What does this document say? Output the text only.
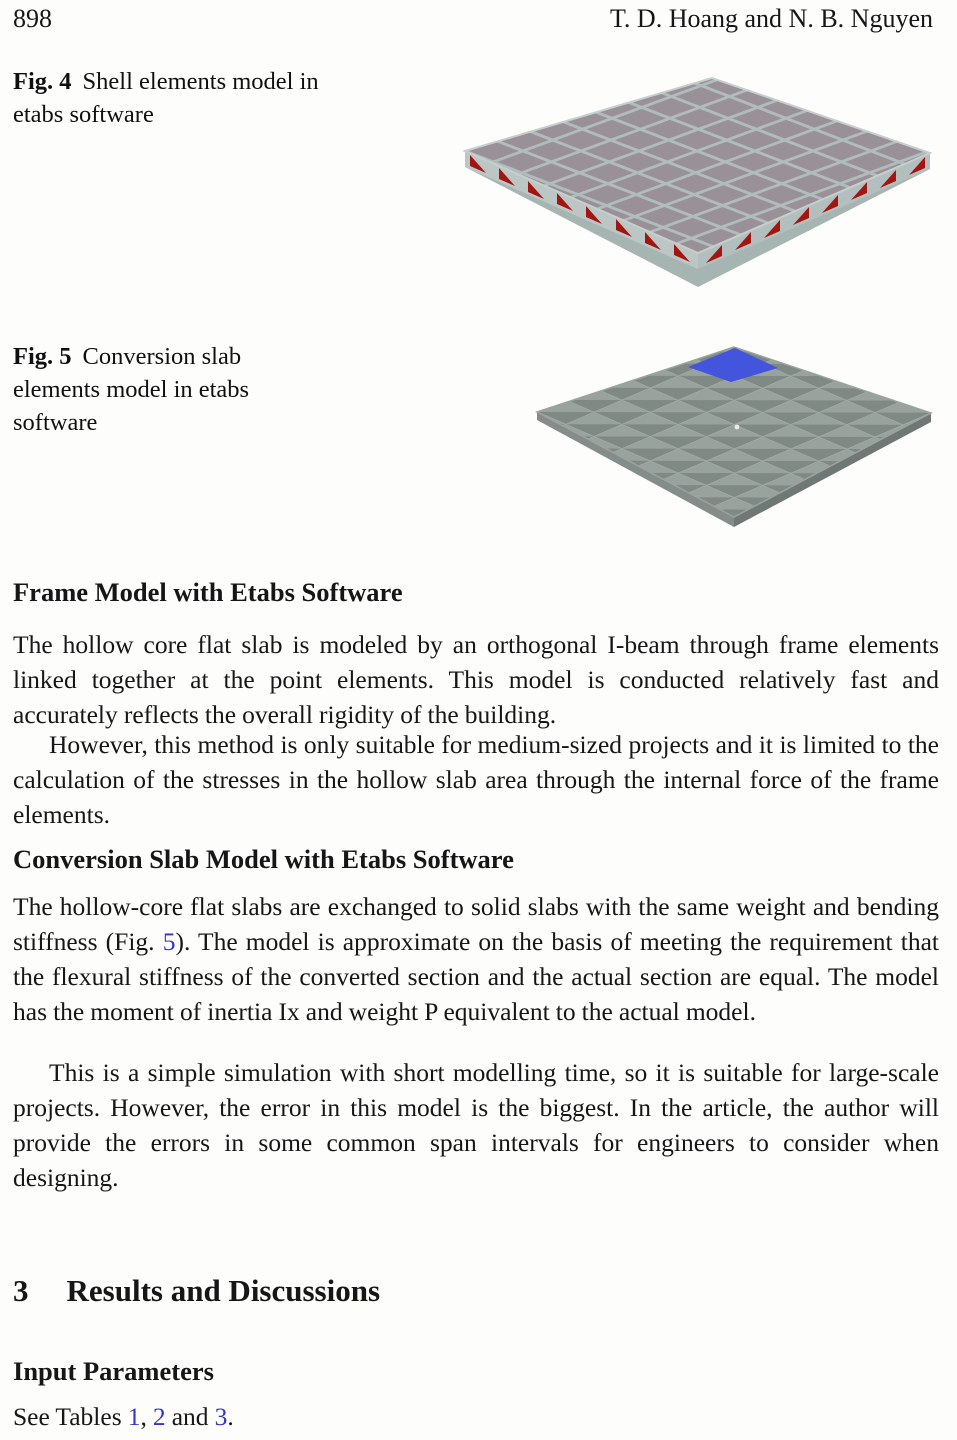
898	T. D. Hoang and N. B. Nguyen
Fig. 4 Shell elements model in etabs software
Fig. 5 Conversion slab elements model in etabs software
Frame Model with Etabs Software
The hollow core flat slab is modeled by an orthogonal I-beam through frame elements linked together at the point elements. This model is conducted relatively fast and accurately reflects the overall rigidity of the building.
However, this method is only suitable for medium-sized projects and it is limited to the calculation of the stresses in the hollow slab area through the internal force of the frame elements.
Conversion Slab Model with Etabs Software
The hollow-core flat slabs are exchanged to solid slabs with the same weight and bending stiffness (Fig. 5). The model is approximate on the basis of meeting the requirement that the flexural stiffness of the converted section and the actual section are equal. The model has the moment of inertia Ix and weight P equivalent to the actual model.
This is a simple simulation with short modelling time, so it is suitable for large-scale projects. However, the error in this model is the biggest. In the article, the author will provide the errors in some common span intervals for engineers to consider when designing.
3 Results and Discussions
Input Parameters
See Tables 1, 2 and 3.
